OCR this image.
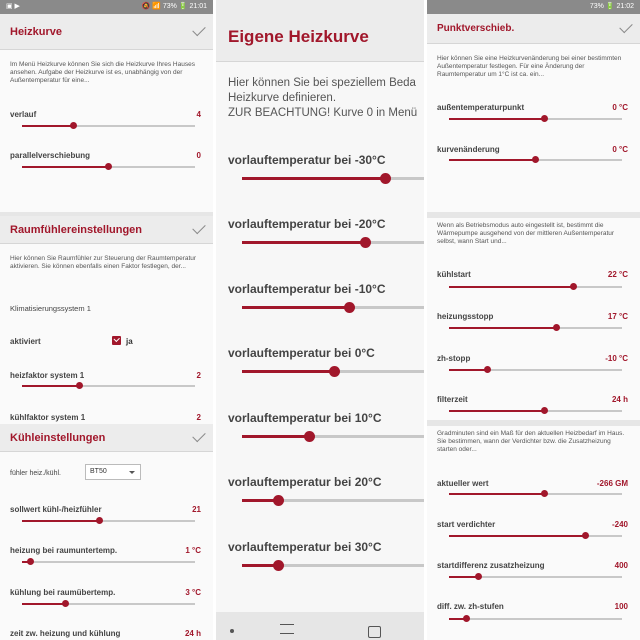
▣ ▶	🔕 📶 73% 🔋 21:01
Heizkurve
Im Menü Heizkurve können Sie sich die Heizkurve Ihres Hauses ansehen. Aufgabe der Heizkurve ist es, unabhängig von der Außentemperatur für eine...
verlauf	4
parallelverschiebung	0
Raumfühlereinstellungen
Hier können Sie Raumfühler zur Steuerung der Raumtemperatur aktivieren. Sie können ebenfalls einen Faktor festlegen, der...
Klimatisierungssystem 1
aktiviert	ja
heizfaktor system 1	2
kühlfaktor system 1	2
Kühleinstellungen
fühler heiz./kühl.	BT50
sollwert kühl-/heizfühler	21
heizung bei raumuntertemp.	1 °C
kühlung bei raumübertemp.	3 °C
zeit zw. heizung und kühlung	24 h
Eigene Heizkurve
Hier können Sie bei speziellem Beda
Heizkurve definieren.
ZUR BEACHTUNG! Kurve 0 in Menü
vorlauftemperatur bei -30°C
vorlauftemperatur bei -20°C
vorlauftemperatur bei -10°C
vorlauftemperatur bei 0°C
vorlauftemperatur bei 10°C
vorlauftemperatur bei 20°C
vorlauftemperatur bei 30°C
73% 🔋 21:02
Punktverschieb.
Hier können Sie eine Heizkurvenänderung bei einer bestimmten Außentemperatur festlegen. Für eine Änderung der Raumtemperatur um 1°C ist ca. ein...
außentemperaturpunkt	0 °C
kurvenänderung	0 °C
Wenn als Betriebsmodus auto eingestellt ist, bestimmt die Wärmepumpe ausgehend von der mittleren Außentemperatur selbst, wann Start und...
kühlstart	22 °C
heizungsstopp	17 °C
zh-stopp	-10 °C
filterzeit	24 h
Gradminuten sind ein Maß für den aktuellen Heizbedarf im Haus. Sie bestimmen, wann der Verdichter bzw. die Zusatzheizung starten oder...
aktueller wert	-266 GM
start verdichter	-240
startdifferenz zusatzheizung	400
diff. zw. zh-stufen	100
